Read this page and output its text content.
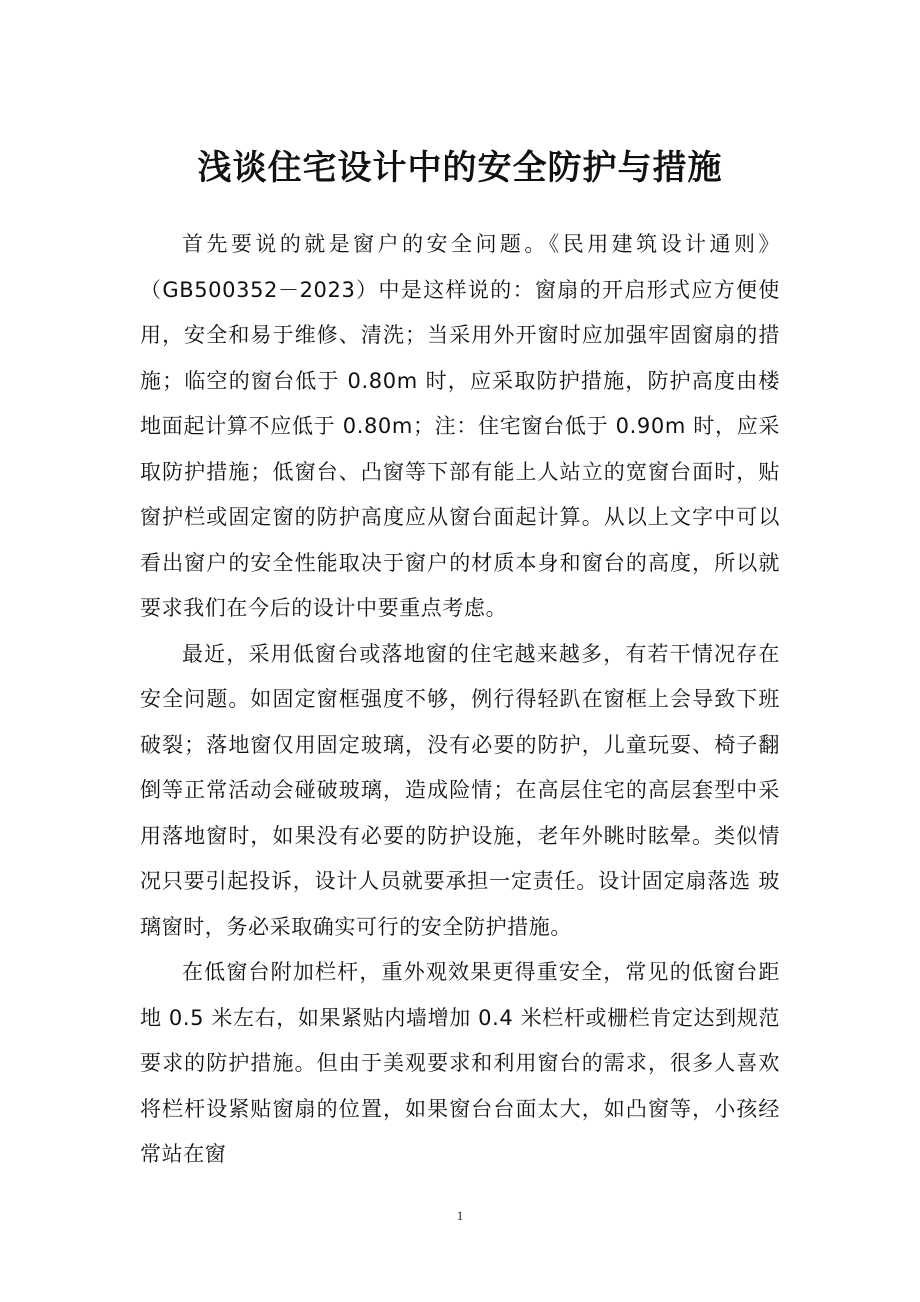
浅谈住宅设计中的安全防护与措施

首先要说的就是窗户的安全问题。《民用建筑设计通则》（GB500352－2023）中是这样说的：窗扇的开启形式应方便使用，安全和易于维修、清洗；当采用外开窗时应加强牢固窗扇的措施；临空的窗台低于 0.80m 时，应采取防护措施，防护高度由楼地面起计算不应低于 0.80m；注：住宅窗台低于 0.90m 时，应采取防护措施；低窗台、凸窗等下部有能上人站立的宽窗台面时，贴窗护栏或固定窗的防护高度应从窗台面起计算。从以上文字中可以看出窗户的安全性能取决于窗户的材质本身和窗台的高度，所以就要求我们在今后的设计中要重点考虑。

最近，采用低窗台或落地窗的住宅越来越多，有若干情况存在安全问题。如固定窗框强度不够，例行得轻趴在窗框上会导致下班破裂；落地窗仅用固定玻璃，没有必要的防护，儿童玩耍、椅子翻倒等正常活动会碰破玻璃，造成险情；在高层住宅的高层套型中采用落地窗时，如果没有必要的防护设施，老年外眺时眩晕。类似情况只要引起投诉，设计人员就要承担一定责任。设计固定扇落选 玻璃窗时，务必采取确实可行的安全防护措施。

在低窗台附加栏杆，重外观效果更得重安全，常见的低窗台距地 0.5 米左右，如果紧贴内墙增加 0.4 米栏杆或栅栏肯定达到规范要求的防护措施。但由于美观要求和利用窗台的需求，很多人喜欢将栏杆设紧贴窗扇的位置，如果窗台台面太大，如凸窗等，小孩经常站在窗

1
